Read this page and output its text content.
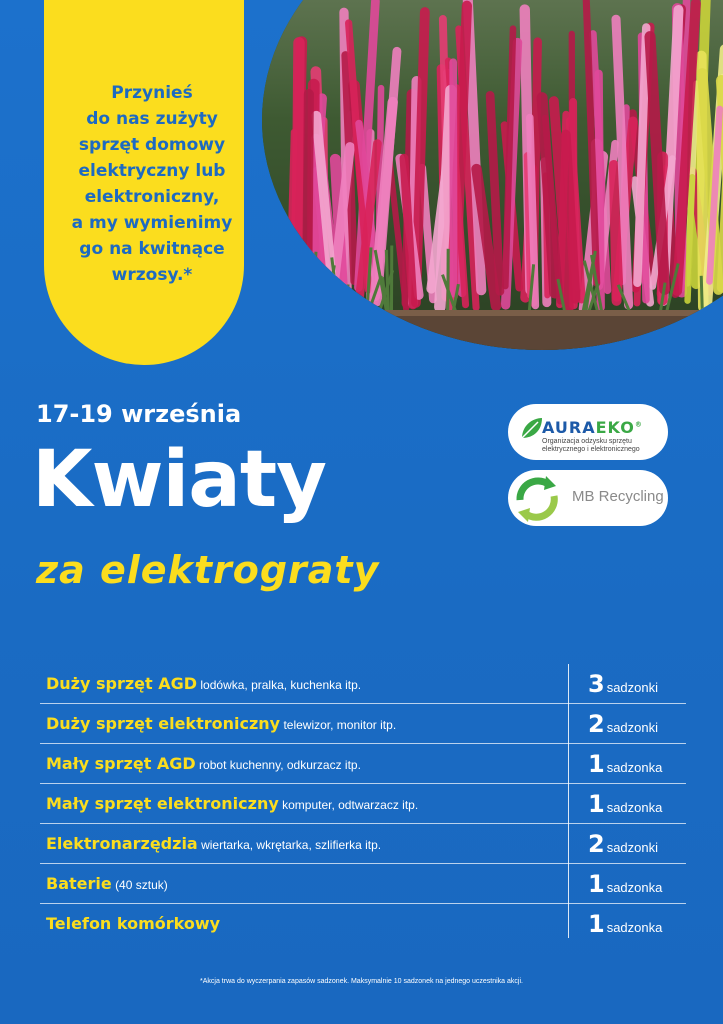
Przynieś
do nas zużyty
sprzęt domowy
elektryczny lub
elektroniczny,
a my wymienimy
go na kwitnące
wrzosy.*
17-19 września
Kwiaty
za elektrograty
AURAEKO®
Organizacja odzysku sprzętu elektrycznego i elektronicznego
MB Recycling
Duży sprzęt AGD lodówka, pralka, kuchenka itp.	3 sadzonki
Duży sprzęt elektroniczny telewizor, monitor itp.	2 sadzonki
Mały sprzęt AGD robot kuchenny, odkurzacz itp.	1 sadzonka
Mały sprzęt elektroniczny komputer, odtwarzacz itp.	1 sadzonka
Elektronarzędzia wiertarka, wkrętarka, szlifierka itp.	2 sadzonki
Baterie (40 sztuk)	1 sadzonka
Telefon komórkowy	1 sadzonka
*Akcja trwa do wyczerpania zapasów sadzonek. Maksymalnie 10 sadzonek na jednego uczestnika akcji.
